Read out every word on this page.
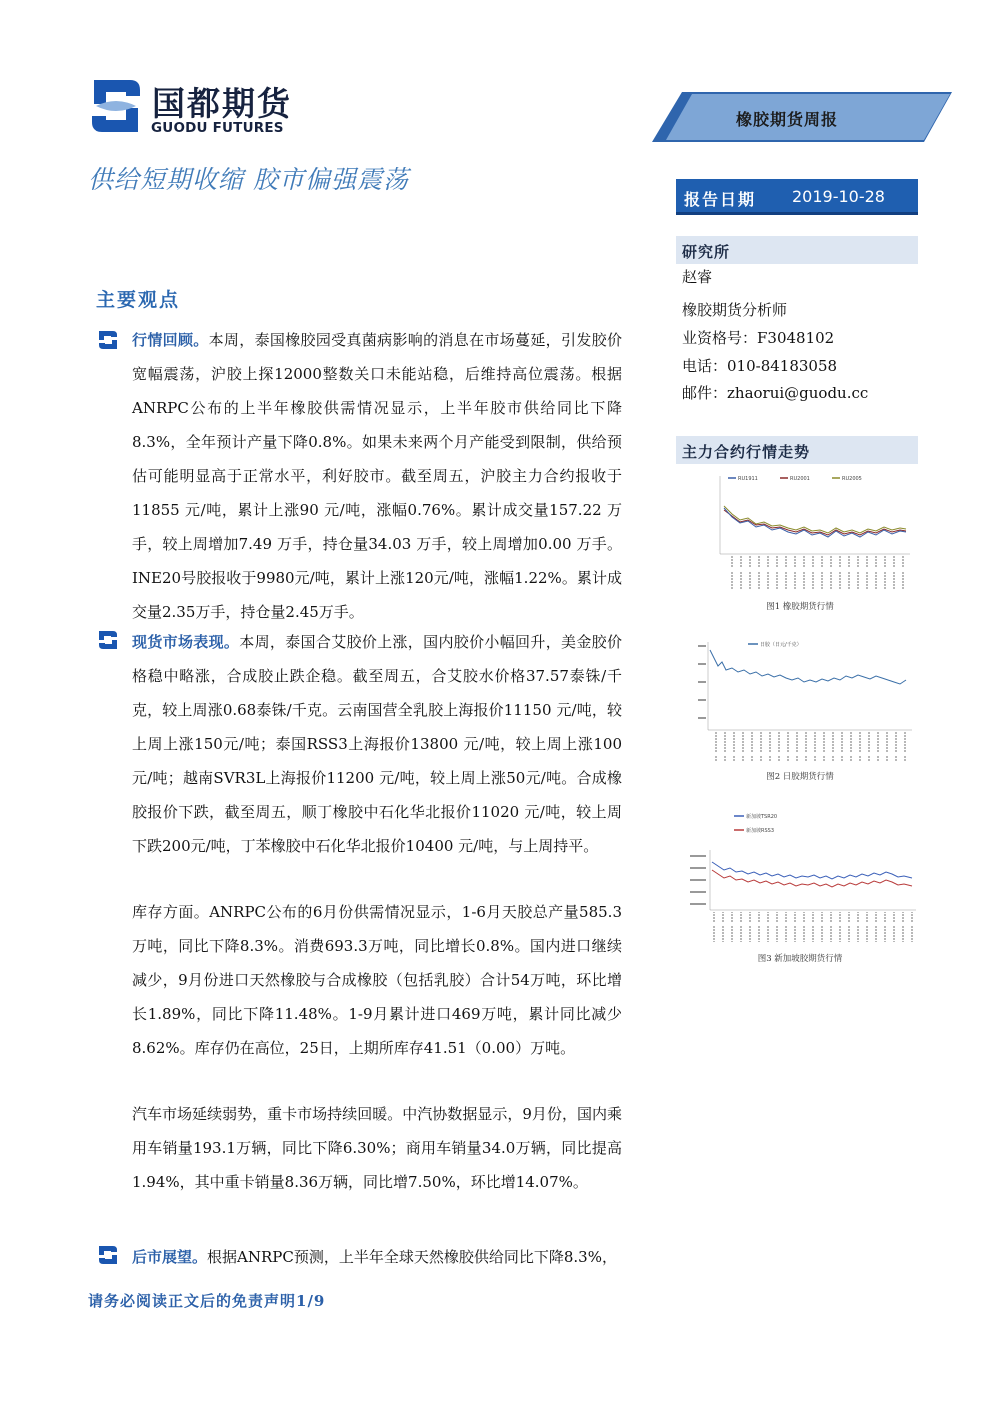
国都期货
GUODU FUTURES	橡胶期货周报
供给短期收缩 胶市偏强震荡
报告日期 2019-10-28
研究所
赵睿
橡胶期货分析师
业资格号：F3048102
电话：010-84183058
邮件：zhaorui@guodu.cc
主力合约行情走势
主要观点
行情回顾。本周，泰国橡胶园受真菌病影响的消息在市场蔓延，引发胶价宽幅震荡，沪胶上探12000整数关口未能站稳，后维持高位震荡。根据ANRPC公布的上半年橡胶供需情况显示，上半年胶市供给同比下降8.3%，全年预计产量下降0.8%。如果未来两个月产能受到限制，供给预估可能明显高于正常水平，利好胶市。截至周五，沪胶主力合约报收于11855 元/吨，累计上涨90 元/吨，涨幅0.76%。累计成交量157.22 万手，较上周增加7.49 万手，持仓量34.03 万手，较上周增加0.00 万手。INE20号胶报收于9980元/吨，累计上涨120元/吨，涨幅1.22%。累计成交量2.35万手，持仓量2.45万手。
现货市场表现。本周，泰国合艾胶价上涨，国内胶价小幅回升，美金胶价格稳中略涨，合成胶止跌企稳。截至周五，合艾胶水价格37.57泰铢/千克，较上周涨0.68泰铢/千克。云南国营全乳胶上海报价11150 元/吨，较上周上涨150元/吨；泰国RSS3上海报价13800 元/吨，较上周上涨100元/吨；越南SVR3L上海报价11200 元/吨，较上周上涨50元/吨。合成橡胶报价下跌，截至周五，顺丁橡胶中石化华北报价11020 元/吨，较上周下跌200元/吨，丁苯橡胶中石化华北报价10400 元/吨，与上周持平。
库存方面。ANRPC公布的6月份供需情况显示，1-6月天胶总产量585.3万吨，同比下降8.3%。消费693.3万吨，同比增长0.8%。国内进口继续减少，9月份进口天然橡胶与合成橡胶（包括乳胶）合计54万吨，环比增长1.89%，同比下降11.48%。1-9月累计进口469万吨，累计同比减少8.62%。库存仍在高位，25日，上期所库存41.51（0.00）万吨。
汽车市场延续弱势，重卡市场持续回暖。中汽协数据显示，9月份，国内乘用车销量193.1万辆，同比下降6.30%；商用车销量34.0万辆，同比提高1.94%，其中重卡销量8.36万辆，同比增7.50%，环比增14.07%。
后市展望。根据ANRPC预测，上半年全球天然橡胶供给同比下降8.3%，
RU1911	RU2001	RU2005
图1 橡胶期货行情
日胶（日元/千克）
图2 日胶期货行情
新加坡TSR20
新加坡RSS3
图3 新加坡胶期货行情
请务必阅读正文后的免责声明1/9
